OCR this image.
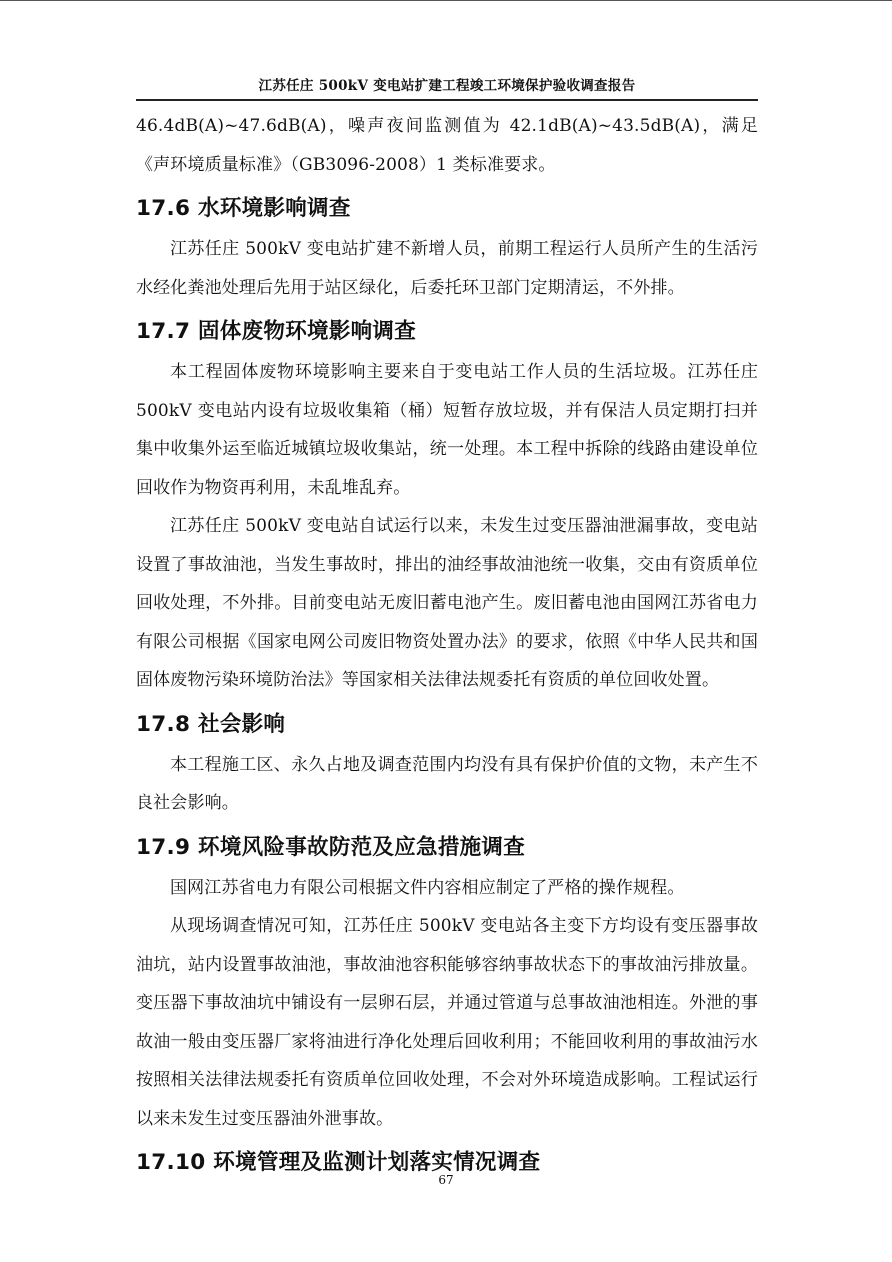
江苏任庄 500kV 变电站扩建工程竣工环境保护验收调查报告

46.4dB(A)~47.6dB(A)，噪声夜间监测值为 42.1dB(A)~43.5dB(A)，满足《声环境质量标准》（GB3096-2008）1 类标准要求。

17.6 水环境影响调查

江苏任庄 500kV 变电站扩建不新增人员，前期工程运行人员所产生的生活污水经化粪池处理后先用于站区绿化，后委托环卫部门定期清运，不外排。

17.7 固体废物环境影响调查

本工程固体废物环境影响主要来自于变电站工作人员的生活垃圾。江苏任庄 500kV 变电站内设有垃圾收集箱（桶）短暂存放垃圾，并有保洁人员定期打扫并集中收集外运至临近城镇垃圾收集站，统一处理。本工程中拆除的线路由建设单位回收作为物资再利用，未乱堆乱弃。

江苏任庄 500kV 变电站自试运行以来，未发生过变压器油泄漏事故，变电站设置了事故油池，当发生事故时，排出的油经事故油池统一收集，交由有资质单位回收处理，不外排。目前变电站无废旧蓄电池产生。废旧蓄电池由国网江苏省电力有限公司根据《国家电网公司废旧物资处置办法》的要求，依照《中华人民共和国固体废物污染环境防治法》等国家相关法律法规委托有资质的单位回收处置。

17.8 社会影响

本工程施工区、永久占地及调查范围内均没有具有保护价值的文物，未产生不良社会影响。

17.9 环境风险事故防范及应急措施调查

国网江苏省电力有限公司根据文件内容相应制定了严格的操作规程。

从现场调查情况可知，江苏任庄 500kV 变电站各主变下方均设有变压器事故油坑，站内设置事故油池，事故油池容积能够容纳事故状态下的事故油污排放量。变压器下事故油坑中铺设有一层卵石层，并通过管道与总事故油池相连。外泄的事故油一般由变压器厂家将油进行净化处理后回收利用；不能回收利用的事故油污水按照相关法律法规委托有资质单位回收处理，不会对外环境造成影响。工程试运行以来未发生过变压器油外泄事故。

17.10 环境管理及监测计划落实情况调查
67
